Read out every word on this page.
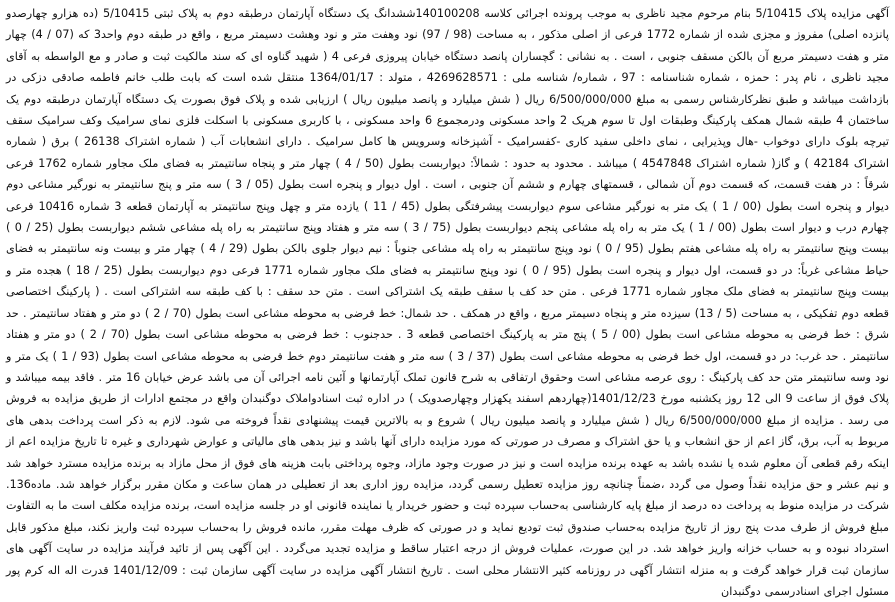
آگهی مزایده پلاک 5/10415 بنام مرحوم مجید ناظری به موجب پرونده اجرائی کلاسه 140100208ششدانگ یک دستگاه آپارتمان درطبقه دوم به پلاک ثبتی 5/10415 (ده هزارو چهارصدو پانزده اصلی) مفروز و مجزی شده از شماره 1772 فرعی از اصلی مذکور ، به مساحت (98 / 97) نود وهفت متر و نود وهشت دسیمتر مربع ، واقع در طبقه دوم واحد3 که (07 / 4) چهار متر و هفت دسیمتر مربع آن بالکن مسقف جنوبی ، است . به نشانی : گچساران پانصد دستگاه خیابان پیروزی فرعی 4 ( شهید گناوه ای که سند مالکیت ثبت و صادر و مع الواسطه به آقای مجید ناظری ، نام پدر : حمزه ، شماره شناسنامه : 97 ، شماره/ شناسه ملی : 4269628571 ، متولد : 1364/01/17 منتقل شده است که بابت طلب خانم فاطمه صادقی دزکی در بازداشت میباشد و طبق نظرکارشناس رسمی به مبلغ 6/500/000/000 ریال ( شش میلیارد و پانصد میلیون ریال ) ارزیابی شده و پلاک فوق بصورت یک دستگاه آپارتمان درطبقه دوم یک ساختمان 4 طبقه شمال همکف پارکینگ وطبقات اول تا سوم هریک 2 واحد مسکونی ودرمجموع 6 واحد مسکونی ، با کاربری مسکونی با اسکلت فلزی نمای سرامیک وکف سرامیک سقف تیرچه بلوک دارای دوخواب -هال وپذیرایی ، نمای داخلی سفید کاری -کفسرامیک - آشپزخانه وسرویس ها کامل سرامیک . دارای انشعابات آب ( شماره اشتراک 26138 ) برق ( شماره اشتراک 42184 ) و گاز( شماره اشتراک 4547848 ) میباشد . محدود به حدود : شمالاً: دیواربست بطول (50 / 4 ) چهار متر و پنجاه سانتیمتر به فضای ملک مجاور شماره 1762 فرعی شرقاً : در هفت قسمت، که قسمت دوم آن شمالی ، قسمتهای چهارم و ششم آن جنوبی ، است . اول دیوار و پنجره است بطول (05 / 3 ) سه متر و پنج سانتیمتر به نورگیر مشاعی دوم دیوار و پنجره است بطول (00 / 1 ) یک متر به نورگیر مشاعی سوم دیواربست پیشرفتگی بطول (45 / 11 ) یازده متر و چهل وپنج سانتیمتر به آپارتمان قطعه 3 شماره 10416 فرعی چهارم درب و دیوار است بطول (00 / 1 ) یک متر به راه پله مشاعی پنجم دیواربست بطول (75 / 3 ) سه متر و هفتاد وپنج سانتیمتر به راه پله مشاعی ششم دیواربست بطول (25 / 0 ) بیست وپنج سانتیمتر به راه پله مشاعی هفتم بطول (95 / 0 ) نود وپنج سانتیمتر به راه پله مشاعی جنوباً : نیم دیوار جلوی بالکن بطول (29 / 4 ) چهار متر و بیست ونه سانتیمتر به فضای حیاط مشاعی غرباً: در دو قسمت، اول دیوار و پنجره است بطول (95 / 0 ) نود وپنج سانتیمتر به فضای ملک مجاور شماره 1771 فرعی دوم دیواربست بطول (25 / 18 ) هجده متر و بیست وپنج سانتیمتر به فضای ملک مجاور شماره 1771 فرعی . متن حد کف با سقف طبقه یک اشتراکی است . متن حد سقف : با کف طبقه سه اشتراکی است . ( پارکینگ اختصاصی قطعه دوم تفکیکی ، به مساحت (5 / 13) سیزده متر و پنجاه دسیمتر مربع ، واقع در همکف . حد شمال: خط فرضی به محوطه مشاعی است بطول (70 / 2 ) دو متر و هفتاد سانتیمتر . حد شرق : خط فرضی به محوطه مشاعی است بطول (00 / 5 ) پنج متر به پارکینگ اختصاصی قطعه 3 . حدجنوب : خط فرضی به محوطه مشاعی است بطول (70 / 2 ) دو متر و هفتاد سانتیمتر . حد غرب: در دو قسمت، اول خط فرضی به محوطه مشاعی است بطول (37 / 3 ) سه متر و هفت سانتیمتر دوم خط فرضی به محوطه مشاعی است بطول (93 / 1 ) یک متر و نود وسه سانتیمتر متن حد کف پارکینگ : روی عرصه مشاعی است وحقوق ارتفاقی به شرح قانون تملک آپارتمانها و آئین نامه اجرائی آن می باشد عرض خیابان 16 متر . فاقد بیمه میباشد و پلاک فوق از ساعت 9 الی 12 روز یکشنبه مورخ 1401/12/23(چهاردهم اسفند یکهزار وچهارصدویک ) در اداره ثبت اسنادواملاک دوگنبدان واقع در مجتمع ادارات از طریق مزایده به فروش می رسد . مزایده از مبلغ 6/500/000/000 ریال ( شش میلیارد و پانصد میلیون ریال ) شروع و به بالاترین قیمت پیشنهادی نقداً فروخته می شود. لازم به ذکر است پرداخت بدهی های مربوط به آب، برق، گاز اعم از حق انشعاب و یا حق اشتراک و مصرف در صورتی که مورد مزایده دارای آنها باشد و نیز بدهی های مالیاتی و عوارض شهرداری و غیره تا تاریخ مزایده اعم از اینکه رقم قطعی آن معلوم شده یا نشده باشد به عهده برنده مزایده است و نیز در صورت وجود مازاد، وجوه پرداختی بابت هزینه های فوق از محل مازاد به برنده مزایده مسترد خواهد شد و نیم عشر و حق مزایده نقداً وصول می گردد ،ضمناً چنانچه روز مزایده تعطیل رسمی گردد، مزایده روز اداری بعد از تعطیلی در همان ساعت و مکان مقرر برگزار خواهد شد. ماده136. شرکت در مزایده منوط به پرداخت ده درصد از مبلغ پایه کارشناسی به‌حساب سپرده ثبت و حضور خریدار یا نماینده قانونی او در جلسه مزایده است، برنده مزایده مکلف است ما به التفاوت مبلغ فروش از طرف مدت پنج روز از تاریخ مزایده به‌حساب صندوق ثبت تودیع نماید و در صورتی که ظرف مهلت مقرر، مانده فروش را به‌حساب سپرده ثبت واریز نکند، مبلغ مذکور قابل استرداد نبوده و به حساب خزانه واریز خواهد شد. در این صورت، عملیات فروش از درجه اعتبار ساقط و مزایده تجدید می‌گردد . این آگهی پس از تائید فرآیند مزایده در سایت آگهی های سازمان ثبت قرار خواهد گرفت و به منزله انتشار آگهی در روزنامه کثیر الانتشار محلی است . تاریخ انتشار آگهی مزایده در سایت آگهی سازمان ثبت : 1401/12/09 قدرت اله اله کرم پور مسئول اجرای اسنادرسمی دوگنبدان
